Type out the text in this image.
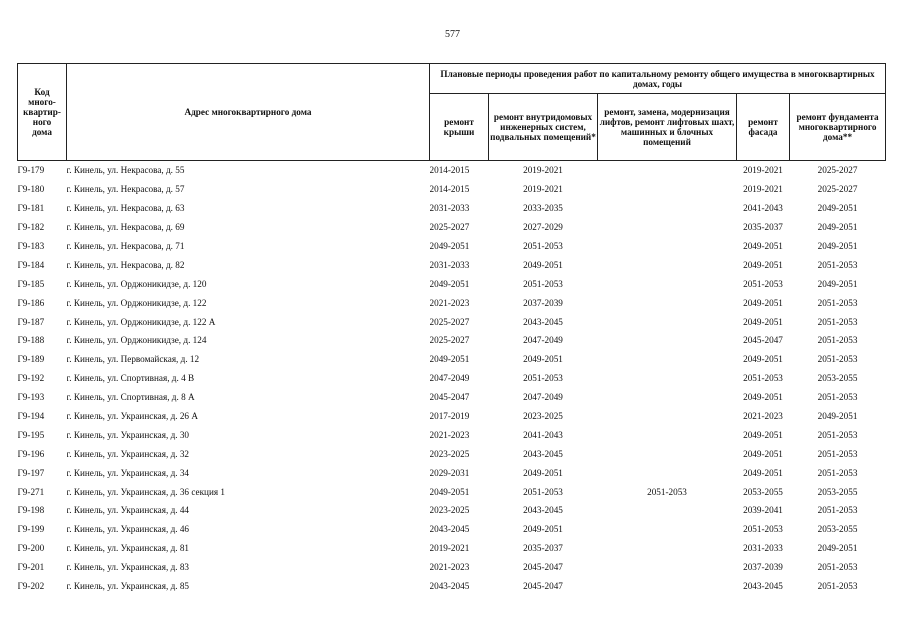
577
Код
много-
квартир-
ного
дома	Адрес многоквартирного дома	Плановые периоды проведения работ по капитальному ремонту общего имущества в многоквартирных домах, годы				
		ремонт крыши	ремонт внутридомовых инженерных систем, подвальных помещений*	ремонт, замена, модернизация лифтов, ремонт лифтовых шахт, машинных и блочных помещений	ремонт фасада	ремонт фундамента многоквартирного дома**
Г9-179	г. Кинель, ул. Некрасова, д. 55	2014-2015	2019-2021		2019-2021	2025-2027
Г9-180	г. Кинель, ул. Некрасова, д. 57	2014-2015	2019-2021		2019-2021	2025-2027
Г9-181	г. Кинель, ул. Некрасова, д. 63	2031-2033	2033-2035		2041-2043	2049-2051
Г9-182	г. Кинель, ул. Некрасова, д. 69	2025-2027	2027-2029		2035-2037	2049-2051
Г9-183	г. Кинель, ул. Некрасова, д. 71	2049-2051	2051-2053		2049-2051	2049-2051
Г9-184	г. Кинель, ул. Некрасова, д. 82	2031-2033	2049-2051		2049-2051	2051-2053
Г9-185	г. Кинель, ул. Орджоникидзе, д. 120	2049-2051	2051-2053		2051-2053	2049-2051
Г9-186	г. Кинель, ул. Орджоникидзе, д. 122	2021-2023	2037-2039		2049-2051	2051-2053
Г9-187	г. Кинель, ул. Орджоникидзе, д. 122 А	2025-2027	2043-2045		2049-2051	2051-2053
Г9-188	г. Кинель, ул. Орджоникидзе, д. 124	2025-2027	2047-2049		2045-2047	2051-2053
Г9-189	г. Кинель, ул. Первомайская, д. 12	2049-2051	2049-2051		2049-2051	2051-2053
Г9-192	г. Кинель, ул. Спортивная, д. 4 В	2047-2049	2051-2053		2051-2053	2053-2055
Г9-193	г. Кинель, ул. Спортивная, д. 8 А	2045-2047	2047-2049		2049-2051	2051-2053
Г9-194	г. Кинель, ул. Украинская, д. 26 А	2017-2019	2023-2025		2021-2023	2049-2051
Г9-195	г. Кинель, ул. Украинская, д. 30	2021-2023	2041-2043		2049-2051	2051-2053
Г9-196	г. Кинель, ул. Украинская, д. 32	2023-2025	2043-2045		2049-2051	2051-2053
Г9-197	г. Кинель, ул. Украинская, д. 34	2029-2031	2049-2051		2049-2051	2051-2053
Г9-271	г. Кинель, ул. Украинская, д. 36 секция 1	2049-2051	2051-2053	2051-2053	2053-2055	2053-2055
Г9-198	г. Кинель, ул. Украинская, д. 44	2023-2025	2043-2045		2039-2041	2051-2053
Г9-199	г. Кинель, ул. Украинская, д. 46	2043-2045	2049-2051		2051-2053	2053-2055
Г9-200	г. Кинель, ул. Украинская, д. 81	2019-2021	2035-2037		2031-2033	2049-2051
Г9-201	г. Кинель, ул. Украинская, д. 83	2021-2023	2045-2047		2037-2039	2051-2053
Г9-202	г. Кинель, ул. Украинская, д. 85	2043-2045	2045-2047		2043-2045	2051-2053
